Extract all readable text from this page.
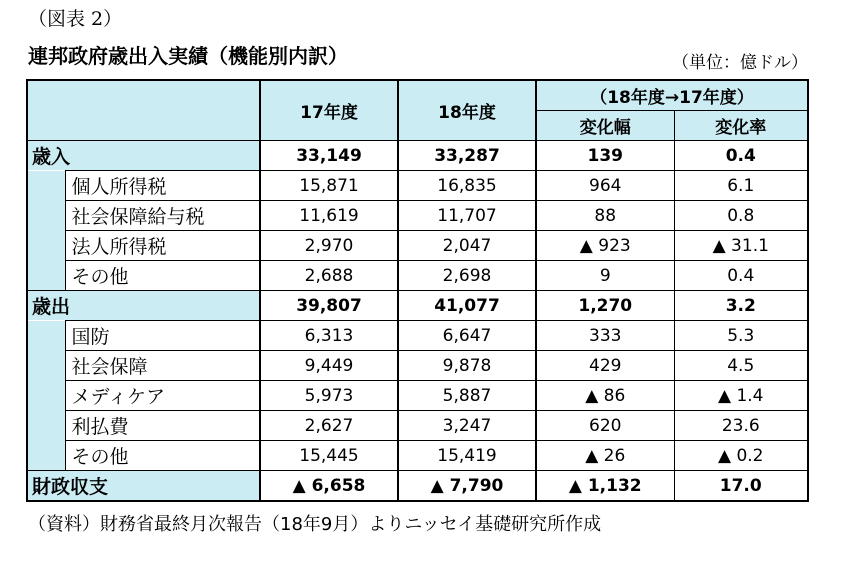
（図表 2）
連邦政府歳出入実績（機能別内訳）	（単位：億ドル）
		17年度	18年度	（18年度→17年度）	
				変化幅	変化率
歳入		33,149	33,287	139	0.4
	個人所得税	15,871	16,835	964	6.1
	社会保障給与税	11,619	11,707	88	0.8
	法人所得税	2,970	2,047	▲ 923	▲ 31.1
	その他	2,688	2,698	9	0.4
歳出		39,807	41,077	1,270	3.2
	国防	6,313	6,647	333	5.3
	社会保障	9,449	9,878	429	4.5
	メディケア	5,973	5,887	▲ 86	▲ 1.4
	利払費	2,627	3,247	620	23.6
	その他	15,445	15,419	▲ 26	▲ 0.2
財政収支		▲ 6,658	▲ 7,790	▲ 1,132	17.0
（資料）財務省最終月次報告（18年9月）よりニッセイ基礎研究所作成
